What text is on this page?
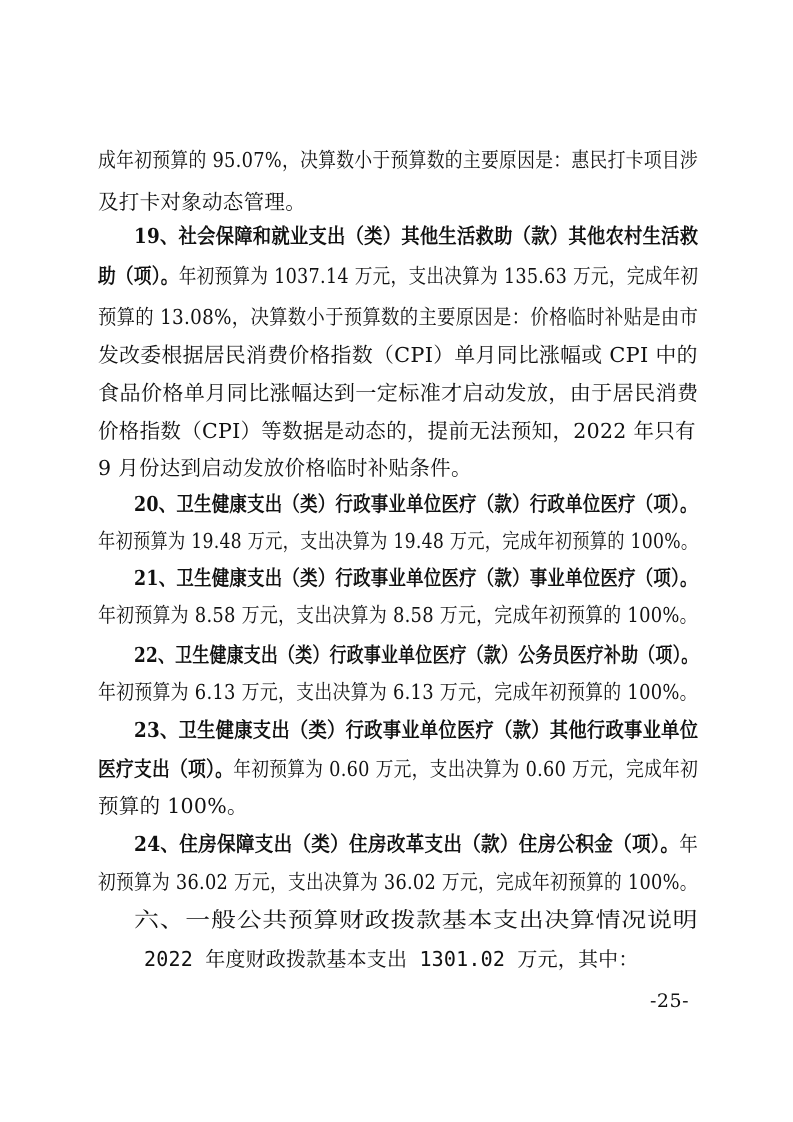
成年初预算的 95.07%，决算数小于预算数的主要原因是：惠民打卡项目涉
及打卡对象动态管理。
19、社会保障和就业支出（类）其他生活救助（款）其他农村生活救
助（项）。年初预算为 1037.14 万元，支出决算为 135.63 万元，完成年初
预算的 13.08%，决算数小于预算数的主要原因是：价格临时补贴是由市
发改委根据居民消费价格指数（CPI）单月同比涨幅或 CPI 中的
食品价格单月同比涨幅达到一定标准才启动发放，由于居民消费
价格指数（CPI）等数据是动态的，提前无法预知，2022 年只有
9 月份达到启动发放价格临时补贴条件。
20、卫生健康支出（类）行政事业单位医疗（款）行政单位医疗（项）。
年初预算为 19.48 万元，支出决算为 19.48 万元，完成年初预算的 100%。
21、卫生健康支出（类）行政事业单位医疗（款）事业单位医疗（项）。
年初预算为 8.58 万元，支出决算为 8.58 万元，完成年初预算的 100%。
22、卫生健康支出（类）行政事业单位医疗（款）公务员医疗补助（项）。
年初预算为 6.13 万元，支出决算为 6.13 万元，完成年初预算的 100%。
23、卫生健康支出（类）行政事业单位医疗（款）其他行政事业单位
医疗支出（项）。年初预算为 0.60 万元，支出决算为 0.60 万元，完成年初
预算的 100%。
24、住房保障支出（类）住房改革支出（款）住房公积金（项）。年
初预算为 36.02 万元，支出决算为 36.02 万元，完成年初预算的 100%。
六、一般公共预算财政拨款基本支出决算情况说明
2022 年度财政拨款基本支出 1301.02 万元，其中：
-25-
